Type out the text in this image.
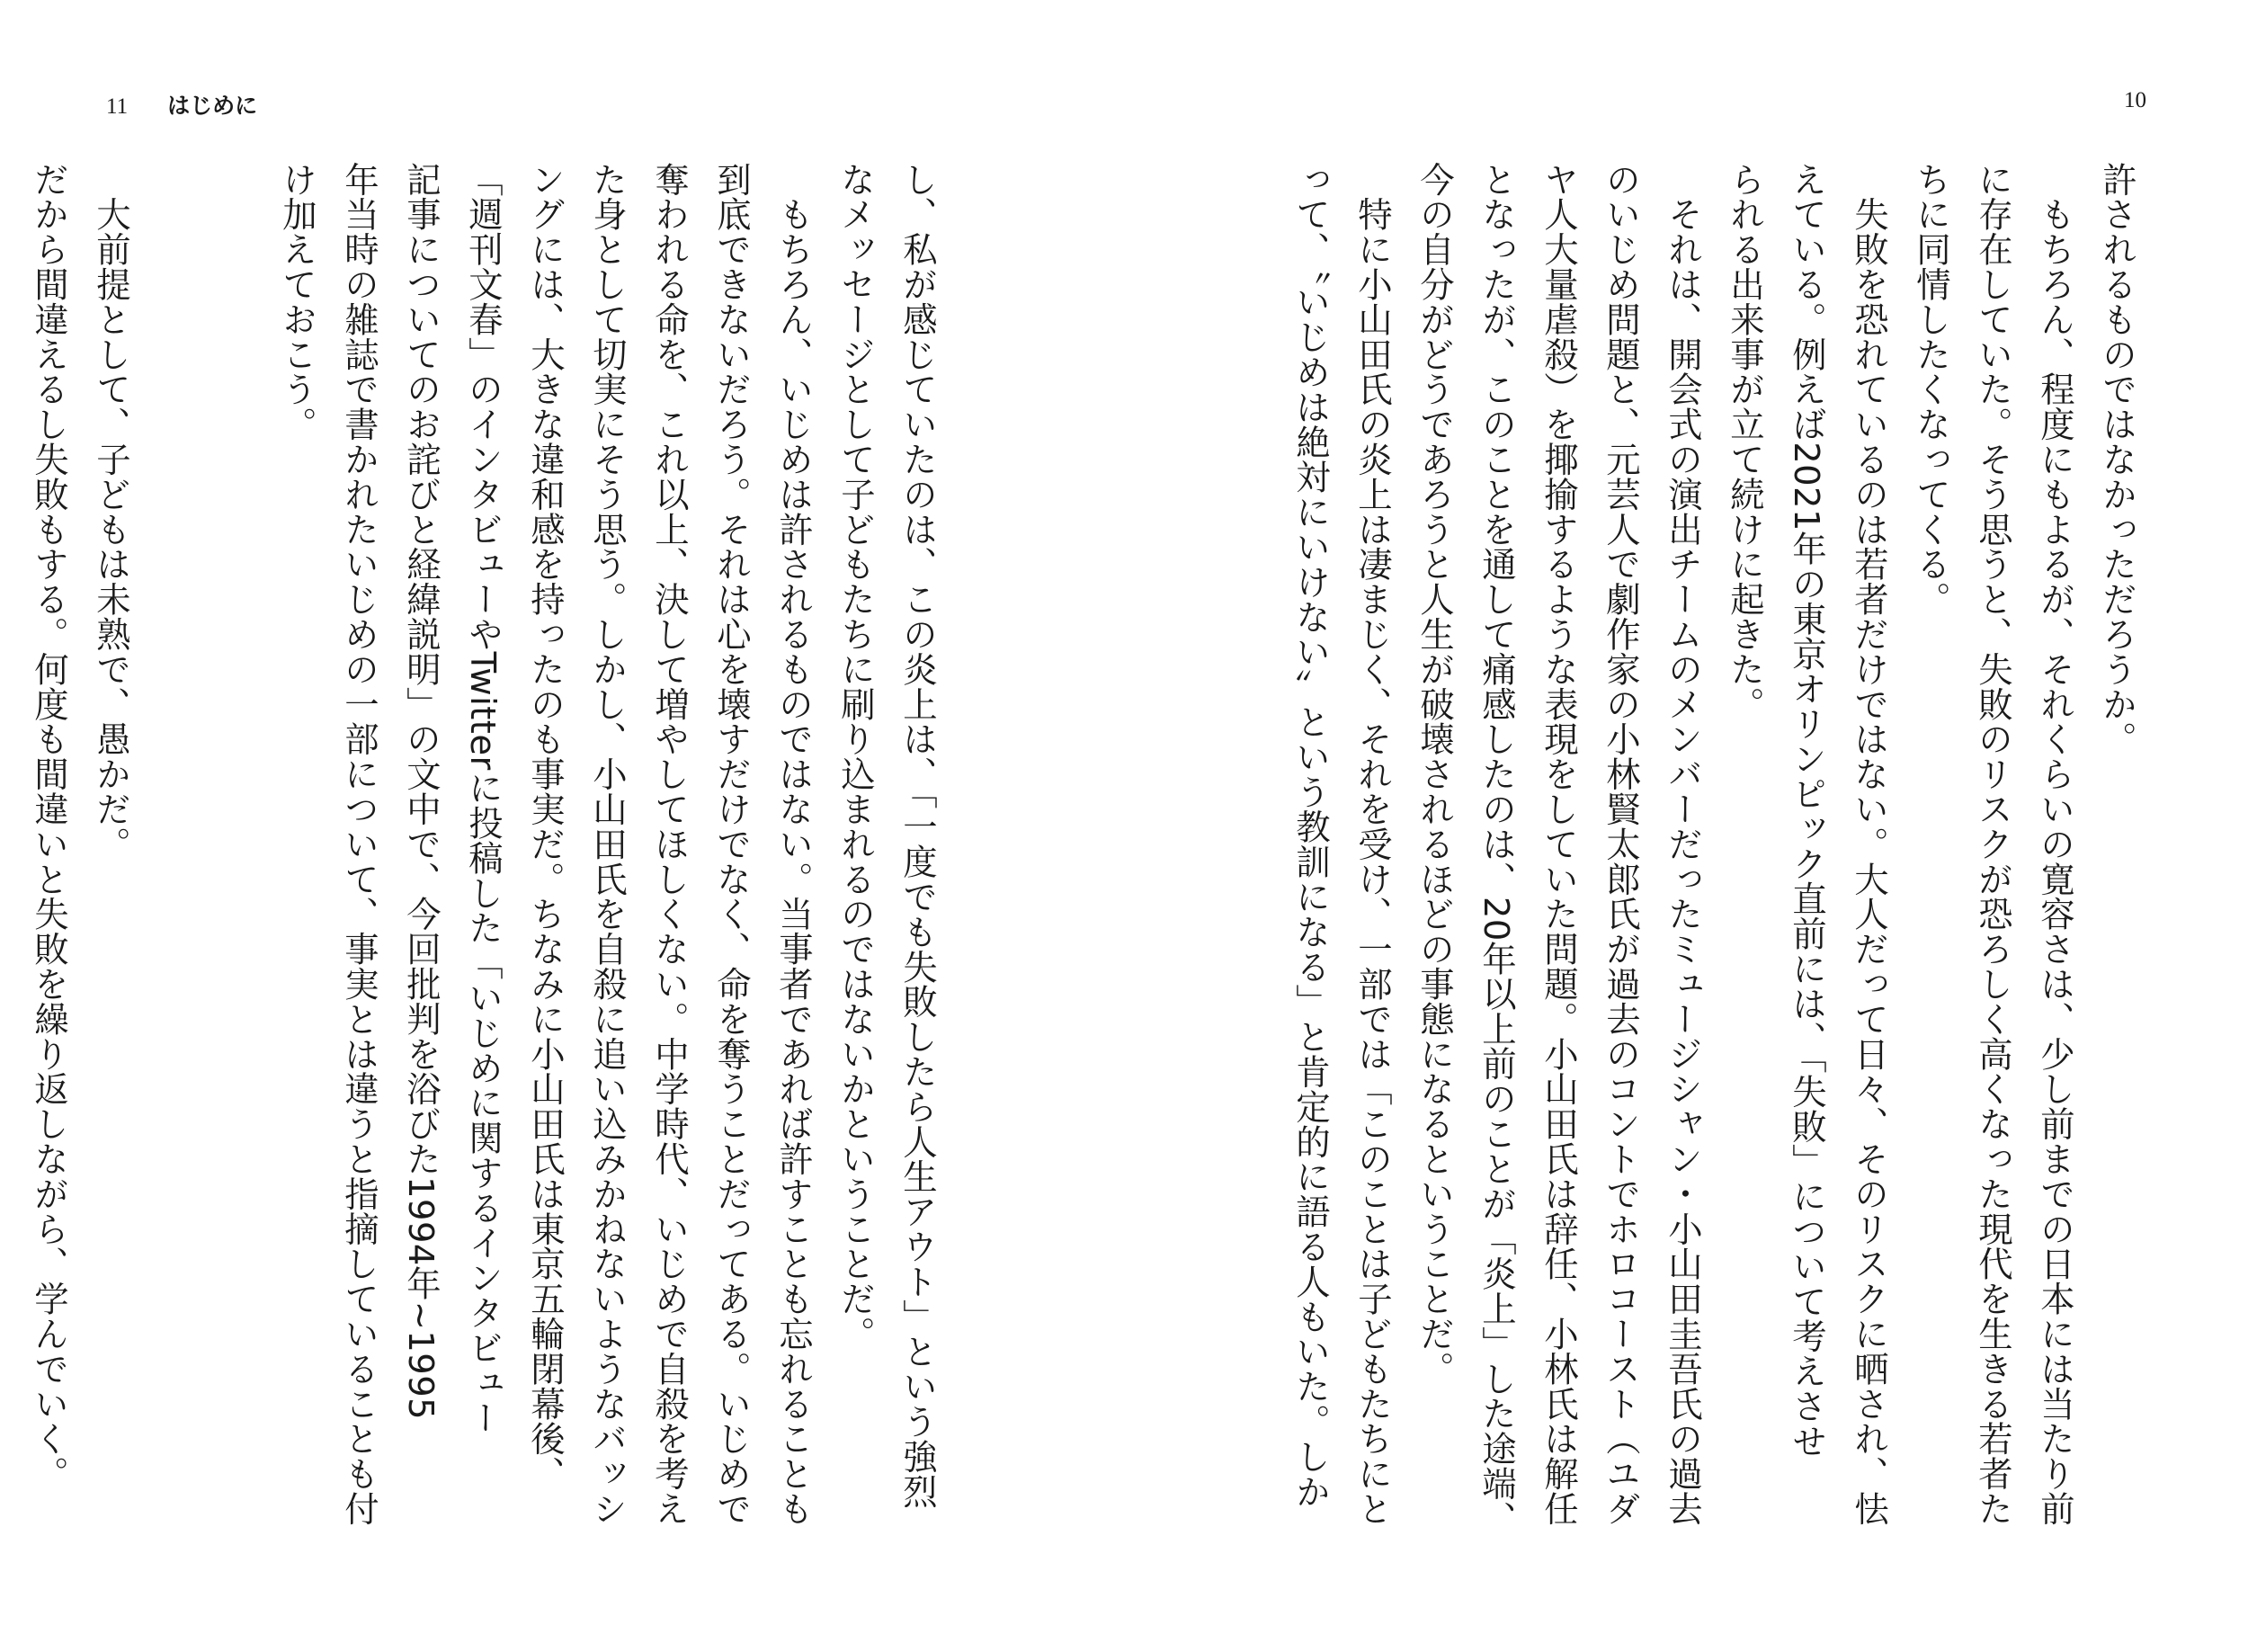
11 はじめに
し、私が感じていたのは、この炎上は、「一度でも失敗したら人生アウト」という強烈
なメッセージとして子どもたちに刷り込まれるのではないかということだ。
　もちろん、いじめは許されるものではない。当事者であれば許すことも忘れることも
到底できないだろう。それは心を壊すだけでなく、命を奪うことだってある。いじめで
奪われる命を、これ以上、決して増やしてほしくない。中学時代、いじめで自殺を考え
た身として切実にそう思う。しかし、小山田氏を自殺に追い込みかねないようなバッシ
ングには、大きな違和感を持ったのも事実だ。ちなみに小山田氏は東京五輪閉幕後、
「週刊文春」のインタビューやTwitterに投稿した「いじめに関するインタビュー
記事についてのお詫びと経緯説明」の文中で、今回批判を浴びた1994年~1995
年当時の雑誌で書かれたいじめの一部について、事実とは違うと指摘していることも付
け加えておこう。
　大前提として、子どもは未熟で、愚かだ。
だから間違えるし失敗もする。何度も間違いと失敗を繰り返しながら、学んでいく。
10
許されるものではなかっただろうか。
　もちろん、程度にもよるが、それくらいの寛容さは、少し前までの日本には当たり前
に存在していた。そう思うと、失敗のリスクが恐ろしく高くなった現代を生きる若者た
ちに同情したくなってくる。
　失敗を恐れているのは若者だけではない。大人だって日々、そのリスクに晒され、怯
えている。例えば2021年の東京オリンピック直前には、「失敗」について考えさせ
られる出来事が立て続けに起きた。
　それは、開会式の演出チームのメンバーだったミュージシャン・小山田圭吾氏の過去
のいじめ問題と、元芸人で劇作家の小林賢太郎氏が過去のコントでホロコースト（ユダ
ヤ人大量虐殺）を揶揄するような表現をしていた問題。小山田氏は辞任、小林氏は解任
となったが、このことを通して痛感したのは、20年以上前のことが「炎上」した途端、
今の自分がどうであろうと人生が破壊されるほどの事態になるということだ。
　特に小山田氏の炎上は凄まじく、それを受け、一部では「このことは子どもたちにと
って、〝いじめは絶対にいけない〟という教訓になる」と肯定的に語る人もいた。しか
